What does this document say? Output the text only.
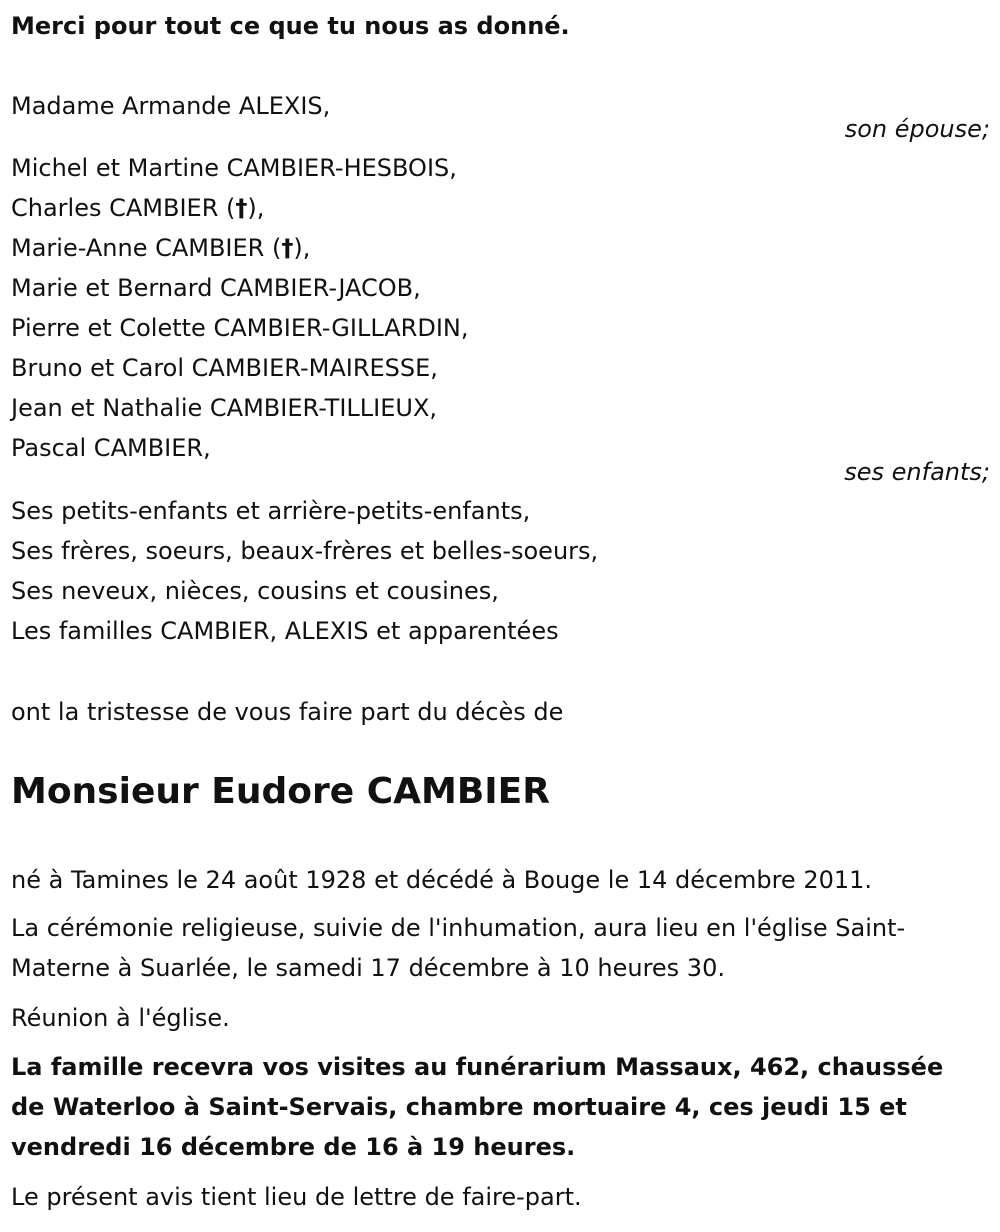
Merci pour tout ce que tu nous as donné.
Madame Armande ALEXIS,
son épouse;
Michel et Martine CAMBIER-HESBOIS,
Charles CAMBIER (†),
Marie-Anne CAMBIER (†),
Marie et Bernard CAMBIER-JACOB,
Pierre et Colette CAMBIER-GILLARDIN,
Bruno et Carol CAMBIER-MAIRESSE,
Jean et Nathalie CAMBIER-TILLIEUX,
Pascal CAMBIER,
ses enfants;
Ses petits-enfants et arrière-petits-enfants,
Ses frères, soeurs, beaux-frères et belles-soeurs,
Ses neveux, nièces, cousins et cousines,
Les familles CAMBIER, ALEXIS et apparentées
ont la tristesse de vous faire part du décès de
Monsieur Eudore CAMBIER
né à Tamines le 24 août 1928 et décédé à Bouge le 14 décembre 2011.
La cérémonie religieuse, suivie de l'inhumation, aura lieu en l'église Saint-
Materne à Suarlée, le samedi 17 décembre à 10 heures 30.
Réunion à l'église.
La famille recevra vos visites au funérarium Massaux, 462, chaussée
de Waterloo à Saint-Servais, chambre mortuaire 4, ces jeudi 15 et
vendredi 16 décembre de 16 à 19 heures.
Le présent avis tient lieu de lettre de faire-part.
